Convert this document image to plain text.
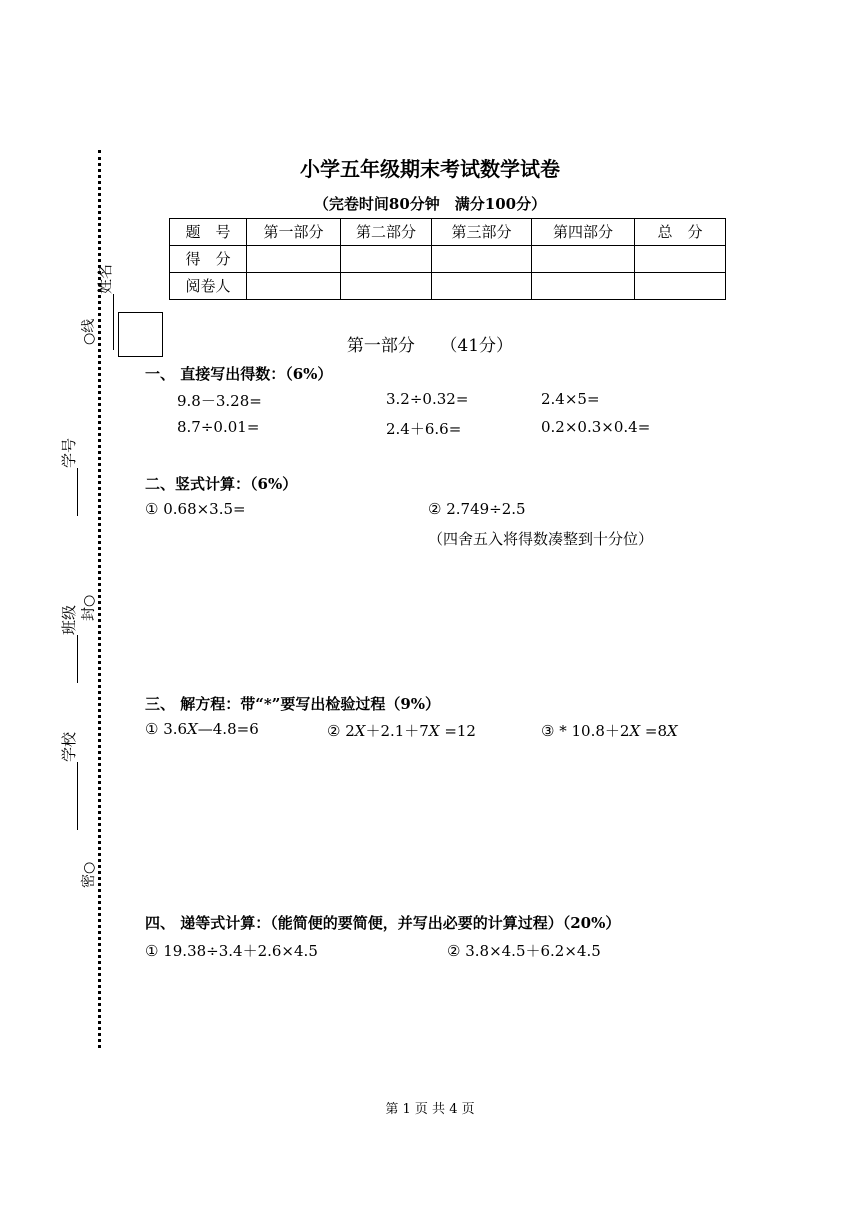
姓名
○线
学号
封○
班级
学校
密○
小学五年级期末考试数学试卷
（完卷时间80分钟　满分100分）
题　号	第一部分	第二部分	第三部分	第四部分	总　分
得　分					
阅卷人					
第一部分　　（41分）
一、 直接写出得数：（6%）
9.8－3.28=	3.2÷0.32=	2.4×5=
8.7÷0.01=	2.4＋6.6=	0.2×0.3×0.4=
二、竖式计算：（6%）
① 0.68×3.5=	② 2.749÷2.5
（四舍五入将得数凑整到十分位）
三、 解方程：带“*”要写出检验过程（9%）
① 3.6X—4.8=6	② 2X＋2.1＋7X =12	③ * 10.8＋2X =8X
四、 递等式计算：（能简便的要简便，并写出必要的计算过程）（20%）
① 19.38÷3.4＋2.6×4.5	② 3.8×4.5＋6.2×4.5
第 1 页 共 4 页
